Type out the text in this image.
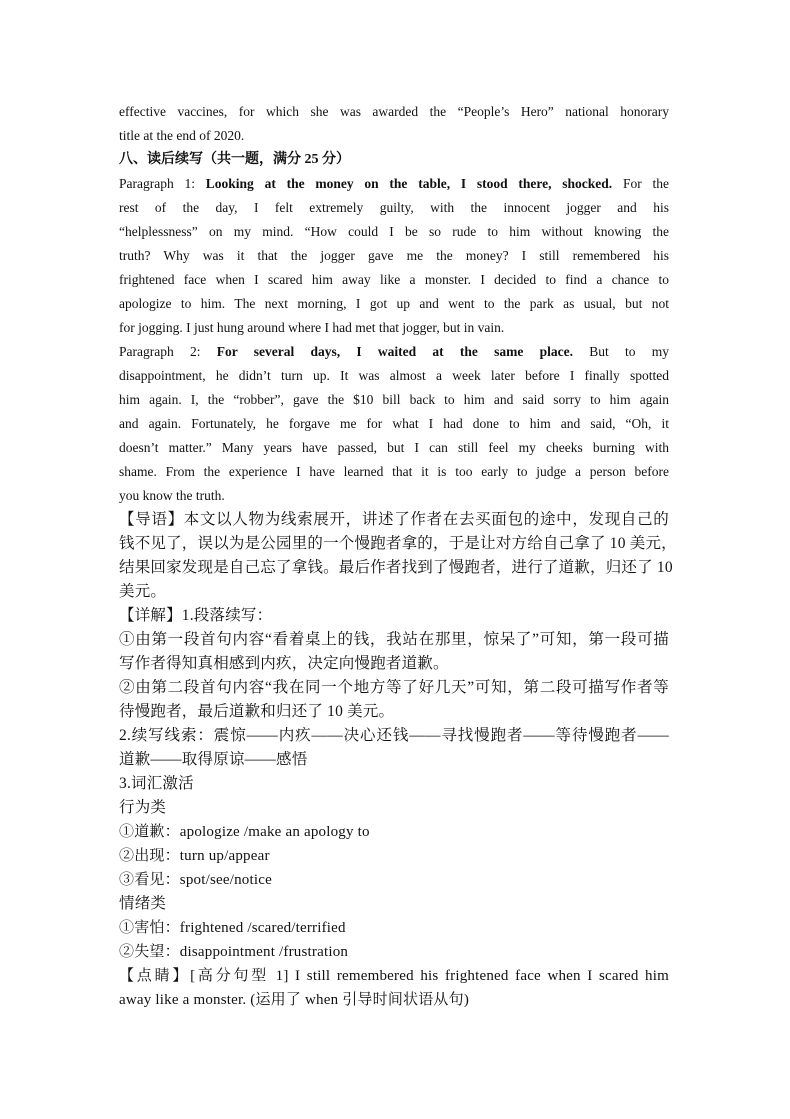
effective vaccines, for which she was awarded the “People’s Hero” national honorary
title at the end of 2020.
八、读后续写（共一题，满分 25 分）
Paragraph 1: Looking at the money on the table, I stood there, shocked. For the
rest of the day, I felt extremely guilty, with the innocent jogger and his
“helplessness” on my mind. “How could I be so rude to him without knowing the
truth? Why was it that the jogger gave me the money? I still remembered his
frightened face when I scared him away like a monster. I decided to find a chance to
apologize to him. The next morning, I got up and went to the park as usual, but not
for jogging. I just hung around where I had met that jogger, but in vain.
Paragraph 2: For several days, I waited at the same place. But to my
disappointment, he didn’t turn up. It was almost a week later before I finally spotted
him again. I, the “robber”, gave the $10 bill back to him and said sorry to him again
and again. Fortunately, he forgave me for what I had done to him and said, “Oh, it
doesn’t matter.” Many years have passed, but I can still feel my cheeks burning with
shame. From the experience I have learned that it is too early to judge a person before
you know the truth.
【导语】本文以人物为线索展开，讲述了作者在去买面包的途中，发现自己的
钱不见了，误以为是公园里的一个慢跑者拿的，于是让对方给自己拿了 10 美元，
结果回家发现是自己忘了拿钱。最后作者找到了慢跑者，进行了道歉，归还了 10
美元。
【详解】1.段落续写：
①由第一段首句内容“看着桌上的钱，我站在那里，惊呆了”可知，第一段可描
写作者得知真相感到内疚，决定向慢跑者道歉。
②由第二段首句内容“我在同一个地方等了好几天”可知，第二段可描写作者等
待慢跑者，最后道歉和归还了 10 美元。
2.续写线索：震惊——内疚——决心还钱——寻找慢跑者——等待慢跑者——
道歉——取得原谅——感悟
3.词汇激活
行为类
①道歉：apologize /make an apology to
②出现：turn up/appear
③看见：spot/see/notice
情绪类
①害怕：frightened /scared/terrified
②失望：disappointment /frustration
【点睛】[高分句型 1] I still remembered his frightened face when I scared him
away like a monster. (运用了 when 引导时间状语从句)
